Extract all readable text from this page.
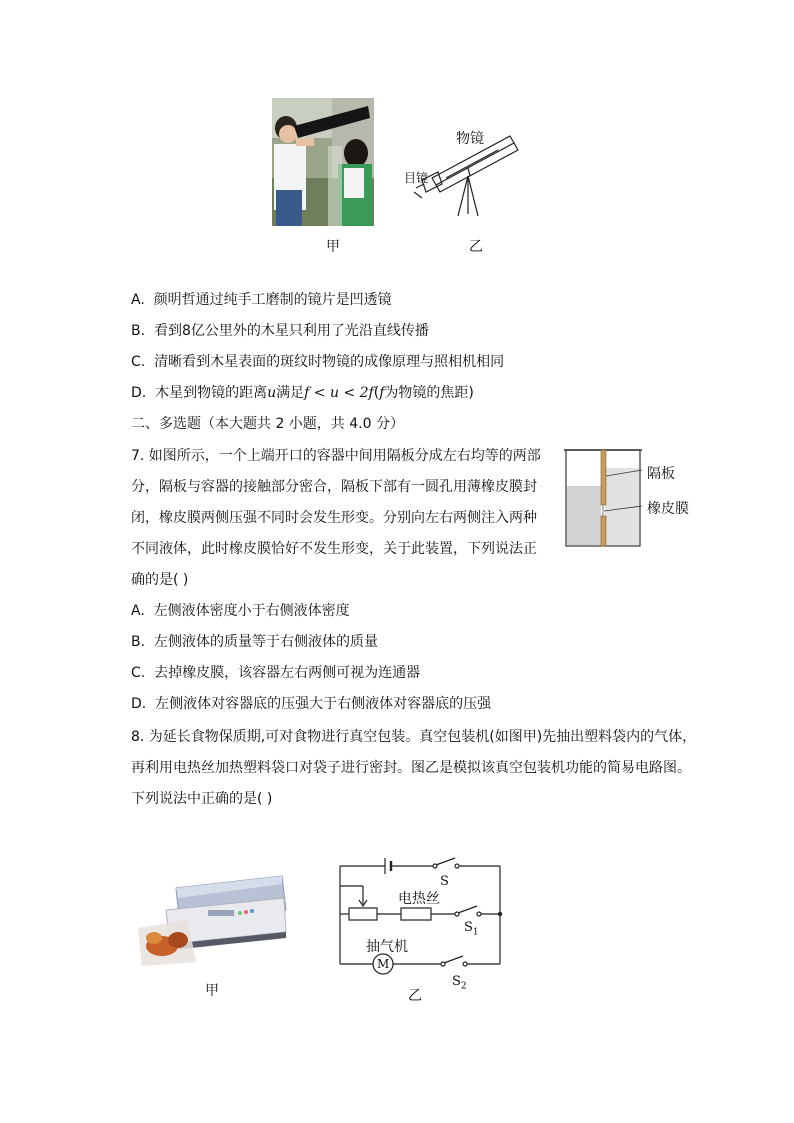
物镜
目镜
甲	乙
A. 颜明哲通过纯手工磨制的镜片是凹透镜
B. 看到8亿公里外的木星只利用了光沿直线传播
C. 清晰看到木星表面的斑纹时物镜的成像原理与照相机相同
D. 木星到物镜的距离u满足f < u < 2f(f为物镜的焦距)
二、多选题（本大题共 2 小题，共 4.0 分）
7. 如图所示，一个上端开口的容器中间用隔板分成左右均等的两部
分，隔板与容器的接触部分密合，隔板下部有一圆孔用薄橡皮膜封
闭，橡皮膜两侧压强不同时会发生形变。分别向左右两侧注入两种
不同液体，此时橡皮膜恰好不发生形变，关于此装置，下列说法正
确的是( )
隔板
橡皮膜
A. 左侧液体密度小于右侧液体密度
B. 左侧液体的质量等于右侧液体的质量
C. 去掉橡皮膜，该容器左右两侧可视为连通器
D. 左侧液体对容器底的压强大于右侧液体对容器底的压强
8. 为延长食物保质期,可对食物进行真空包装。真空包装机(如图甲)先抽出塑料袋内的气体，
再利用电热丝加热塑料袋口对袋子进行密封。图乙是模拟该真空包装机功能的简易电路图。
下列说法中正确的是( )
甲
S
电热丝
$S_1$
抽气机
M
$S_2$
乙
